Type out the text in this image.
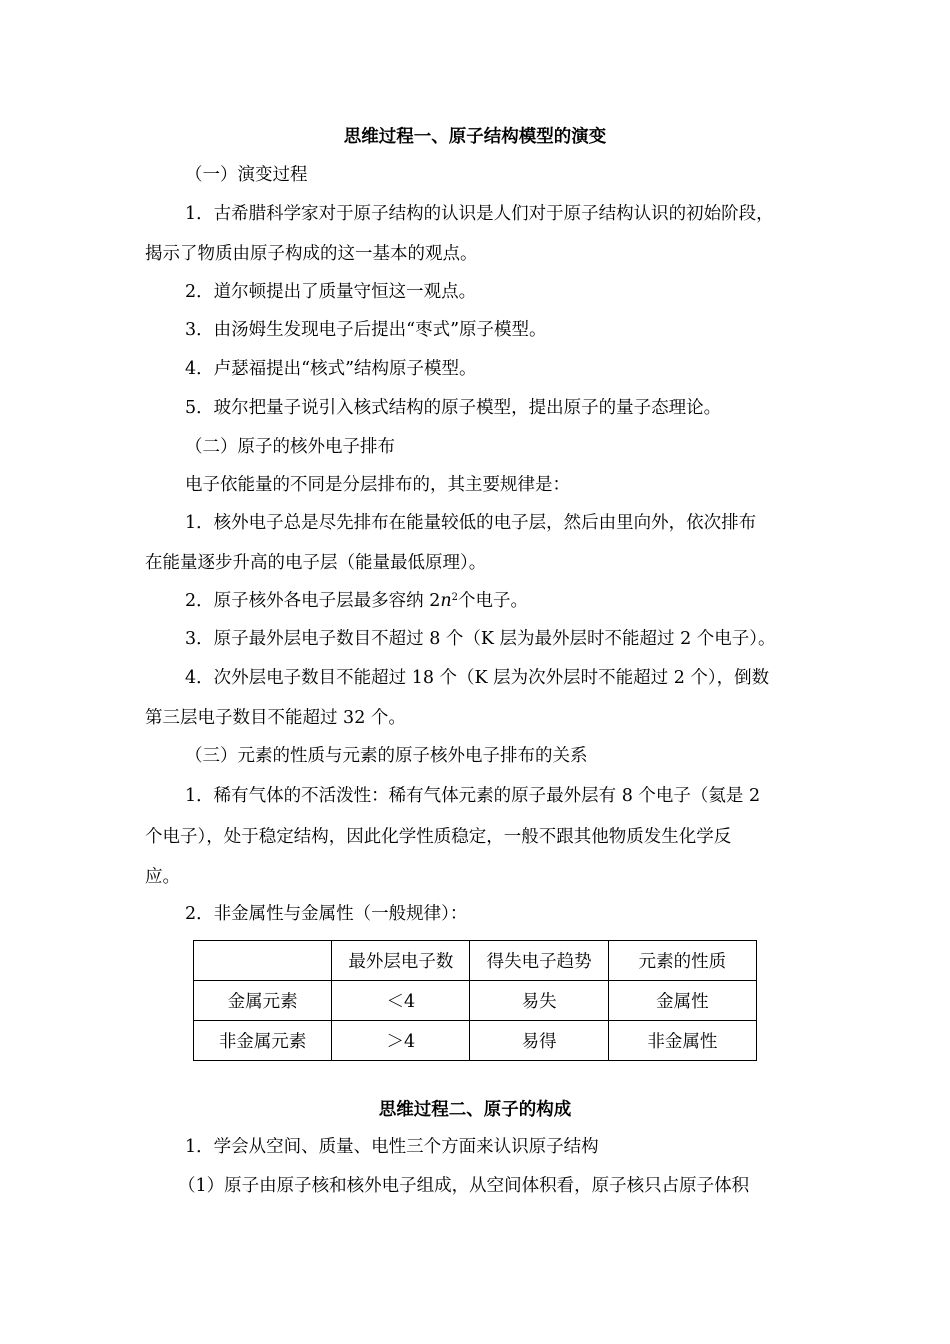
思维过程一、原子结构模型的演变
（一）演变过程
1．古希腊科学家对于原子结构的认识是人们对于原子结构认识的初始阶段，
揭示了物质由原子构成的这一基本的观点。
2．道尔顿提出了质量守恒这一观点。
3．由汤姆生发现电子后提出“枣式”原子模型。
4．卢瑟福提出“核式”结构原子模型。
5．玻尔把量子说引入核式结构的原子模型，提出原子的量子态理论。
（二）原子的核外电子排布
电子依能量的不同是分层排布的，其主要规律是：
1．核外电子总是尽先排布在能量较低的电子层，然后由里向外，依次排布
在能量逐步升高的电子层（能量最低原理）。
2．原子核外各电子层最多容纳 $2n^2$个电子。
3．原子最外层电子数目不超过 8 个（K 层为最外层时不能超过 2 个电子）。
4．次外层电子数目不能超过 18 个（K 层为次外层时不能超过 2 个），倒数
第三层电子数目不能超过 32 个。
（三）元素的性质与元素的原子核外电子排布的关系
1．稀有气体的不活泼性：稀有气体元素的原子最外层有 8 个电子（氦是 2
个电子），处于稳定结构，因此化学性质稳定，一般不跟其他物质发生化学反
应。
2．非金属性与金属性（一般规律）：
	最外层电子数	得失电子趋势	元素的性质
金属元素	＜4	易失	金属性
非金属元素	＞4	易得	非金属性
思维过程二、原子的构成
1．学会从空间、质量、电性三个方面来认识原子结构
（1）原子由原子核和核外电子组成，从空间体积看，原子核只占原子体积
